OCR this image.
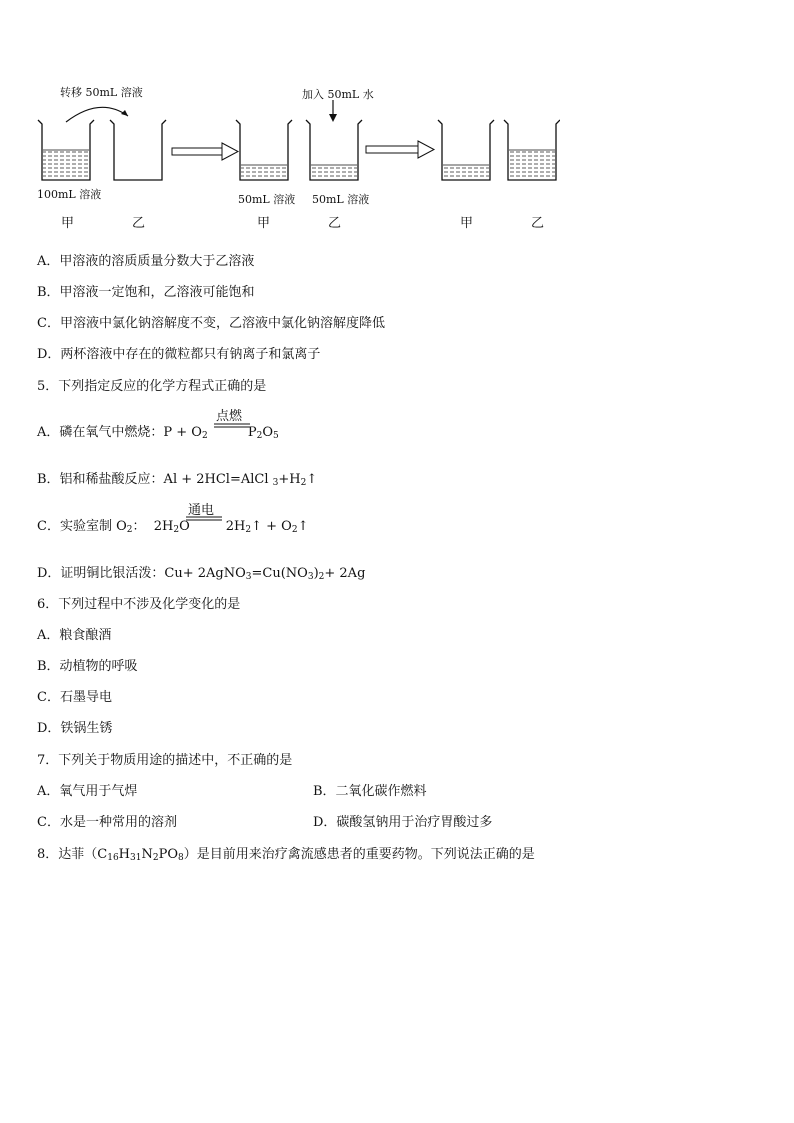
转移 50mL 溶液	加入 50mL 水
100mL 溶液	50mL 溶液 50mL 溶液
甲	乙	甲	乙	甲	乙
A．甲溶液的溶质质量分数大于乙溶液
B．甲溶液一定饱和，乙溶液可能饱和
C．甲溶液中氯化钠溶解度不变，乙溶液中氯化钠溶解度降低
D．两杯溶液中存在的微粒都只有钠离子和氯离子
5．下列指定反应的化学方程式正确的是
A．磷在氧气中燃烧：$P + O_2$	$P_2O_5$
点燃
B．铝和稀盐酸反应：Al + 2HCl=AlCl $_3+H_2↑$
C．实验室制 $O_2$：  $2H_2O$	$2H_2↑$ + $O_2↑$
通电
D．证明铜比银活泼：$Cu+ 2AgNO_3=Cu(NO_3)_2+ 2Ag$
6．下列过程中不涉及化学变化的是
A．粮食酿酒
B．动植物的呼吸
C．石墨导电
D．铁锅生锈
7．下列关于物质用途的描述中，不正确的是
A．氧气用于气焊	B．二氧化碳作燃料
C．水是一种常用的溶剂	D．碳酸氢钠用于治疗胃酸过多
8．达菲$(C_{16}H_{31}N_2PO_8)$是目前用来治疗禽流感患者的重要药物。下列说法正确的是
